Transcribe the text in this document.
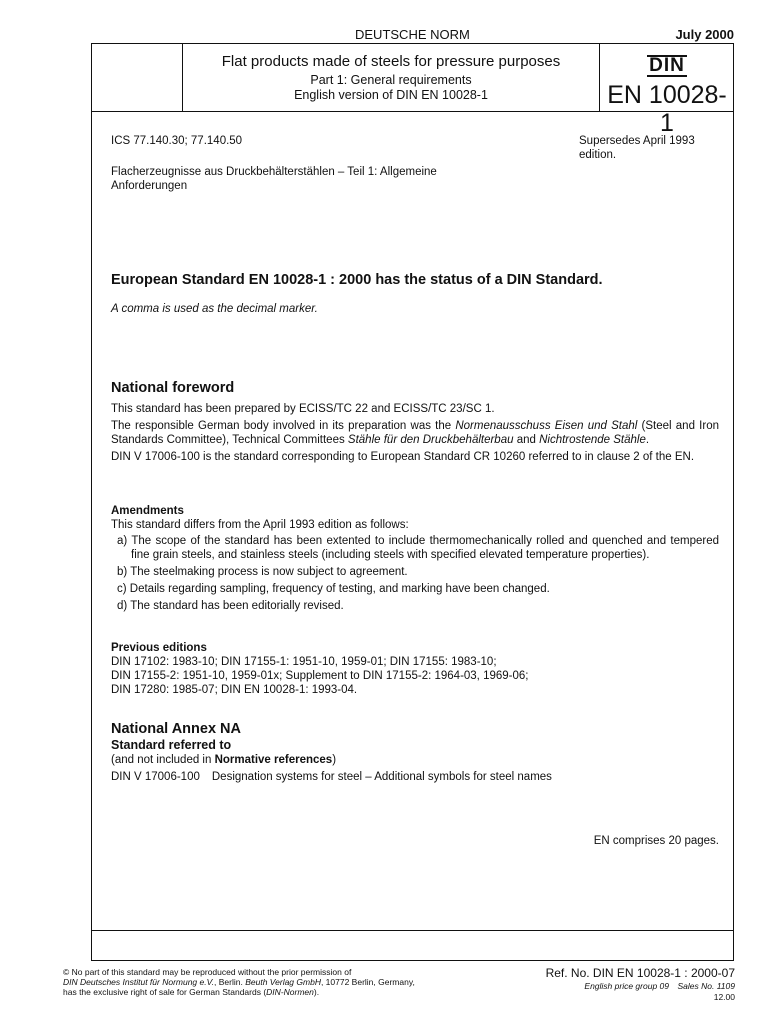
DEUTSCHE NORM	July 2000
Flat products made of steels for pressure purposes
Part 1: General requirements
English version of DIN EN 10028-1
DIN
EN 10028-1
ICS 77.140.30; 77.140.50	Supersedes April 1993 edition.
Flacherzeugnisse aus Druckbehälterstählen – Teil 1: Allgemeine Anforderungen
European Standard EN 10028-1 : 2000 has the status of a DIN Standard.
A comma is used as the decimal marker.
National foreword
This standard has been prepared by ECISS/TC 22 and ECISS/TC 23/SC 1.
The responsible German body involved in its preparation was the Normenausschuss Eisen und Stahl (Steel and Iron Standards Committee), Technical Committees Stähle für den Druckbehälterbau and Nichtrostende Stähle.
DIN V 17006-100 is the standard corresponding to European Standard CR 10260 referred to in clause 2 of the EN.
Amendments
This standard differs from the April 1993 edition as follows:
a) The scope of the standard has been extented to include thermomechanically rolled and quenched and tempered fine grain steels, and stainless steels (including steels with specified elevated temperature properties).
b) The steelmaking process is now subject to agreement.
c) Details regarding sampling, frequency of testing, and marking have been changed.
d) The standard has been editorially revised.
Previous editions
DIN 17102: 1983-10; DIN 17155-1: 1951-10, 1959-01; DIN 17155: 1983-10;
DIN 17155-2: 1951-10, 1959-01x; Supplement to DIN 17155-2: 1964-03, 1969-06;
DIN 17280: 1985-07; DIN EN 10028-1: 1993-04.
National Annex NA
Standard referred to
(and not included in Normative references)
DIN V 17006-100 Designation systems for steel – Additional symbols for steel names
EN comprises 20 pages.
© No part of this standard may be reproduced without the prior permission of
DIN Deutsches Institut für Normung e.V., Berlin. Beuth Verlag GmbH, 10772 Berlin, Germany,
has the exclusive right of sale for German Standards (DIN-Normen).
Ref. No. DIN EN 10028-1 : 2000-07
English price group 09 Sales No. 1109
12.00
